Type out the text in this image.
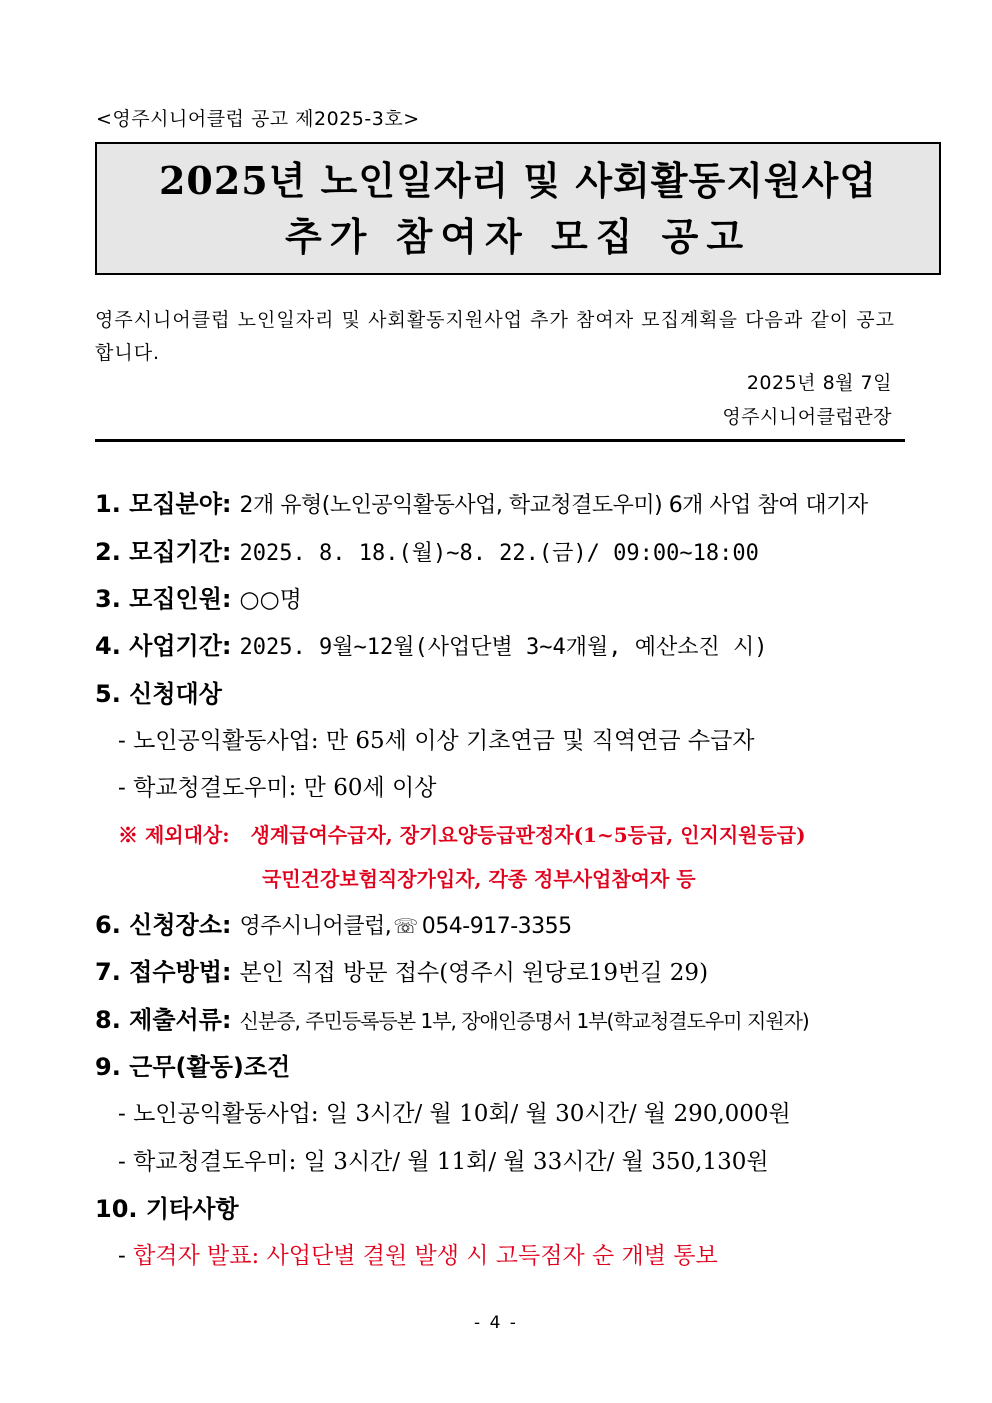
<영주시니어클럽 공고 제2025-3호>
2025년 노인일자리 및 사회활동지원사업
추가 참여자 모집 공고
영주시니어클럽 노인일자리 및 사회활동지원사업 추가 참여자 모집계획을 다음과 같이 공고합니다.
2025년 8월 7일
영주시니어클럽관장
1. 모집분야: 2개 유형(노인공익활동사업, 학교청결도우미) 6개 사업 참여 대기자
2. 모집기간: 2025. 8. 18.(월)~8. 22.(금)/ 09:00~18:00
3. 모집인원: ○○명
4. 사업기간: 2025. 9월~12월(사업단별 3~4개월, 예산소진 시)
5. 신청대상
- 노인공익활동사업: 만 65세 이상 기초연금 및 직역연금 수급자
- 학교청결도우미: 만 60세 이상
※ 제외대상: 생계급여수급자, 장기요양등급판정자(1~5등급, 인지지원등급)
국민건강보험직장가입자, 각종 정부사업참여자 등
6. 신청장소: 영주시니어클럽, ☏ 054-917-3355
7. 접수방법: 본인 직접 방문 접수(영주시 원당로19번길 29)
8. 제출서류: 신분증, 주민등록등본 1부, 장애인증명서 1부(학교청결도우미 지원자)
9. 근무(활동)조건
- 노인공익활동사업: 일 3시간/ 월 10회/ 월 30시간/ 월 290,000원
- 학교청결도우미: 일 3시간/ 월 11회/ 월 33시간/ 월 350,130원
10. 기타사항
- 합격자 발표: 사업단별 결원 발생 시 고득점자 순 개별 통보
- 4 -
